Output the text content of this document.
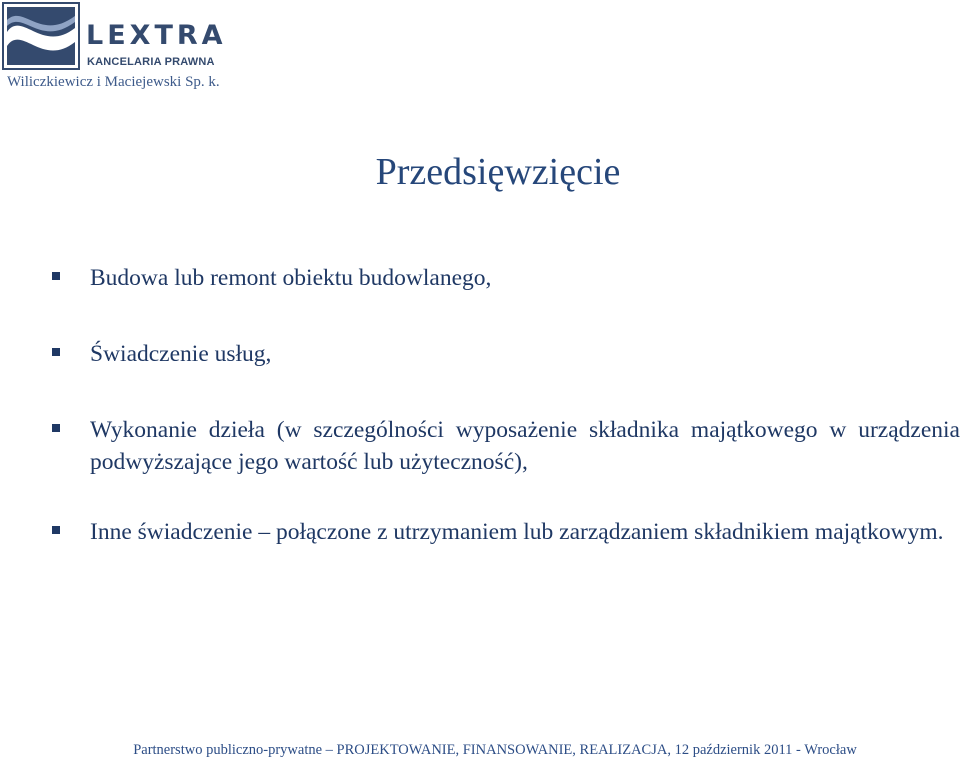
LEXTRA
KANCELARIA PRAWNA
Wiliczkiewicz i Maciejewski Sp. k.
Przedsięwzięcie
Budowa lub remont obiektu budowlanego,
Świadczenie usług,
Wykonanie dzieła (w szczególności wyposażenie składnika majątkowego w urządzenia podwyższające jego wartość lub użyteczność),
Inne świadczenie – połączone z utrzymaniem lub zarządzaniem składnikiem majątkowym.
Partnerstwo publiczno-prywatne – PROJEKTOWANIE, FINANSOWANIE, REALIZACJA, 12 październik 2011 - Wrocław
